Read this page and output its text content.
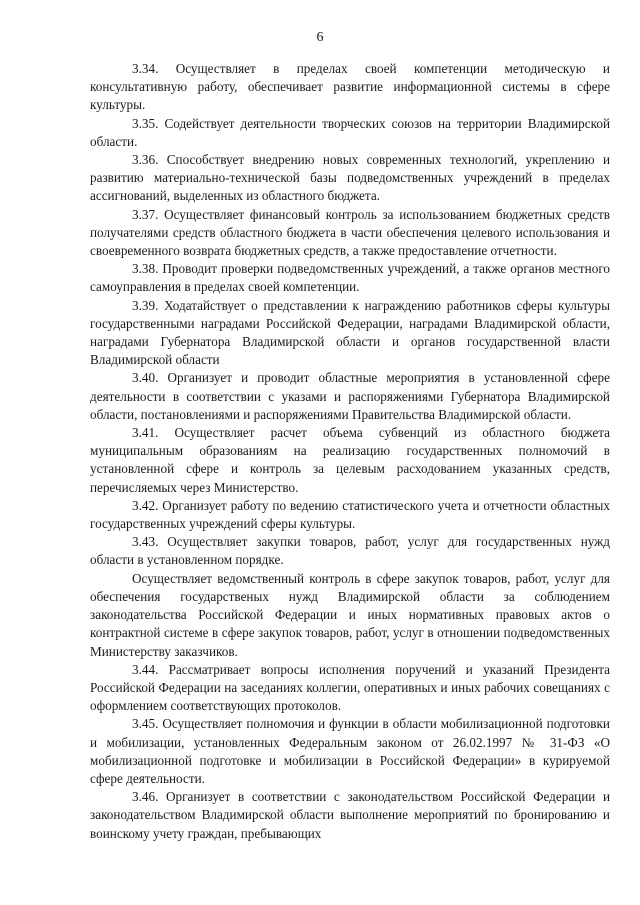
6

3.34. Осуществляет в пределах своей компетенции методическую и консультативную работу, обеспечивает развитие информационной системы в сфере культуры.

3.35. Содействует деятельности творческих союзов на территории Владимирской области.

3.36. Способствует внедрению новых современных технологий, укреплению и развитию материально-технической базы подведомственных учреждений в пределах ассигнований, выделенных из областного бюджета.

3.37. Осуществляет финансовый контроль за использованием бюджетных средств получателями средств областного бюджета в части обеспечения целевого использования и своевременного возврата бюджетных средств, а также предоставление отчетности.

3.38. Проводит проверки подведомственных учреждений, а также органов местного самоуправления в пределах своей компетенции.

3.39. Ходатайствует о представлении к награждению работников сферы культуры государственными наградами Российской Федерации, наградами Владимирской области, наградами Губернатора Владимирской области и органов государственной власти Владимирской области

3.40. Организует и проводит областные мероприятия в установленной сфере деятельности в соответствии с указами и распоряжениями Губернатора Владимирской области, постановлениями и распоряжениями Правительства Владимирской области.

3.41. Осуществляет расчет объема субвенций из областного бюджета муниципальным образованиям на реализацию государственных полномочий в установленной сфере и контроль за целевым расходованием указанных средств, перечисляемых через Министерство.

3.42. Организует работу по ведению статистического учета и отчетности областных государственных учреждений сферы культуры.

3.43. Осуществляет закупки товаров, работ, услуг для государственных нужд области в установленном порядке.

Осуществляет ведомственный контроль в сфере закупок товаров, работ, услуг для обеспечения государственых нужд Владимирской области за соблюдением законодательства Российской Федерации и иных нормативных правовых актов о контрактной системе в сфере закупок товаров, работ, услуг в отношении подведомственных Министерству заказчиков.

3.44. Рассматривает вопросы исполнения поручений и указаний Президента Российской Федерации на заседаниях коллегии, оперативных и иных рабочих совещаниях с оформлением соответствующих протоколов.

3.45. Осуществляет полномочия и функции в области мобилизационной подготовки и мобилизации, установленных Федеральным законом от 26.02.1997 № 31-ФЗ «О мобилизационной подготовке и мобилизации в Российской Федерации» в курируемой сфере деятельности.

3.46. Организует в соответствии с законодательством Российской Федерации и законодательством Владимирской области выполнение мероприятий по бронированию и воинскому учету граждан, пребывающих
